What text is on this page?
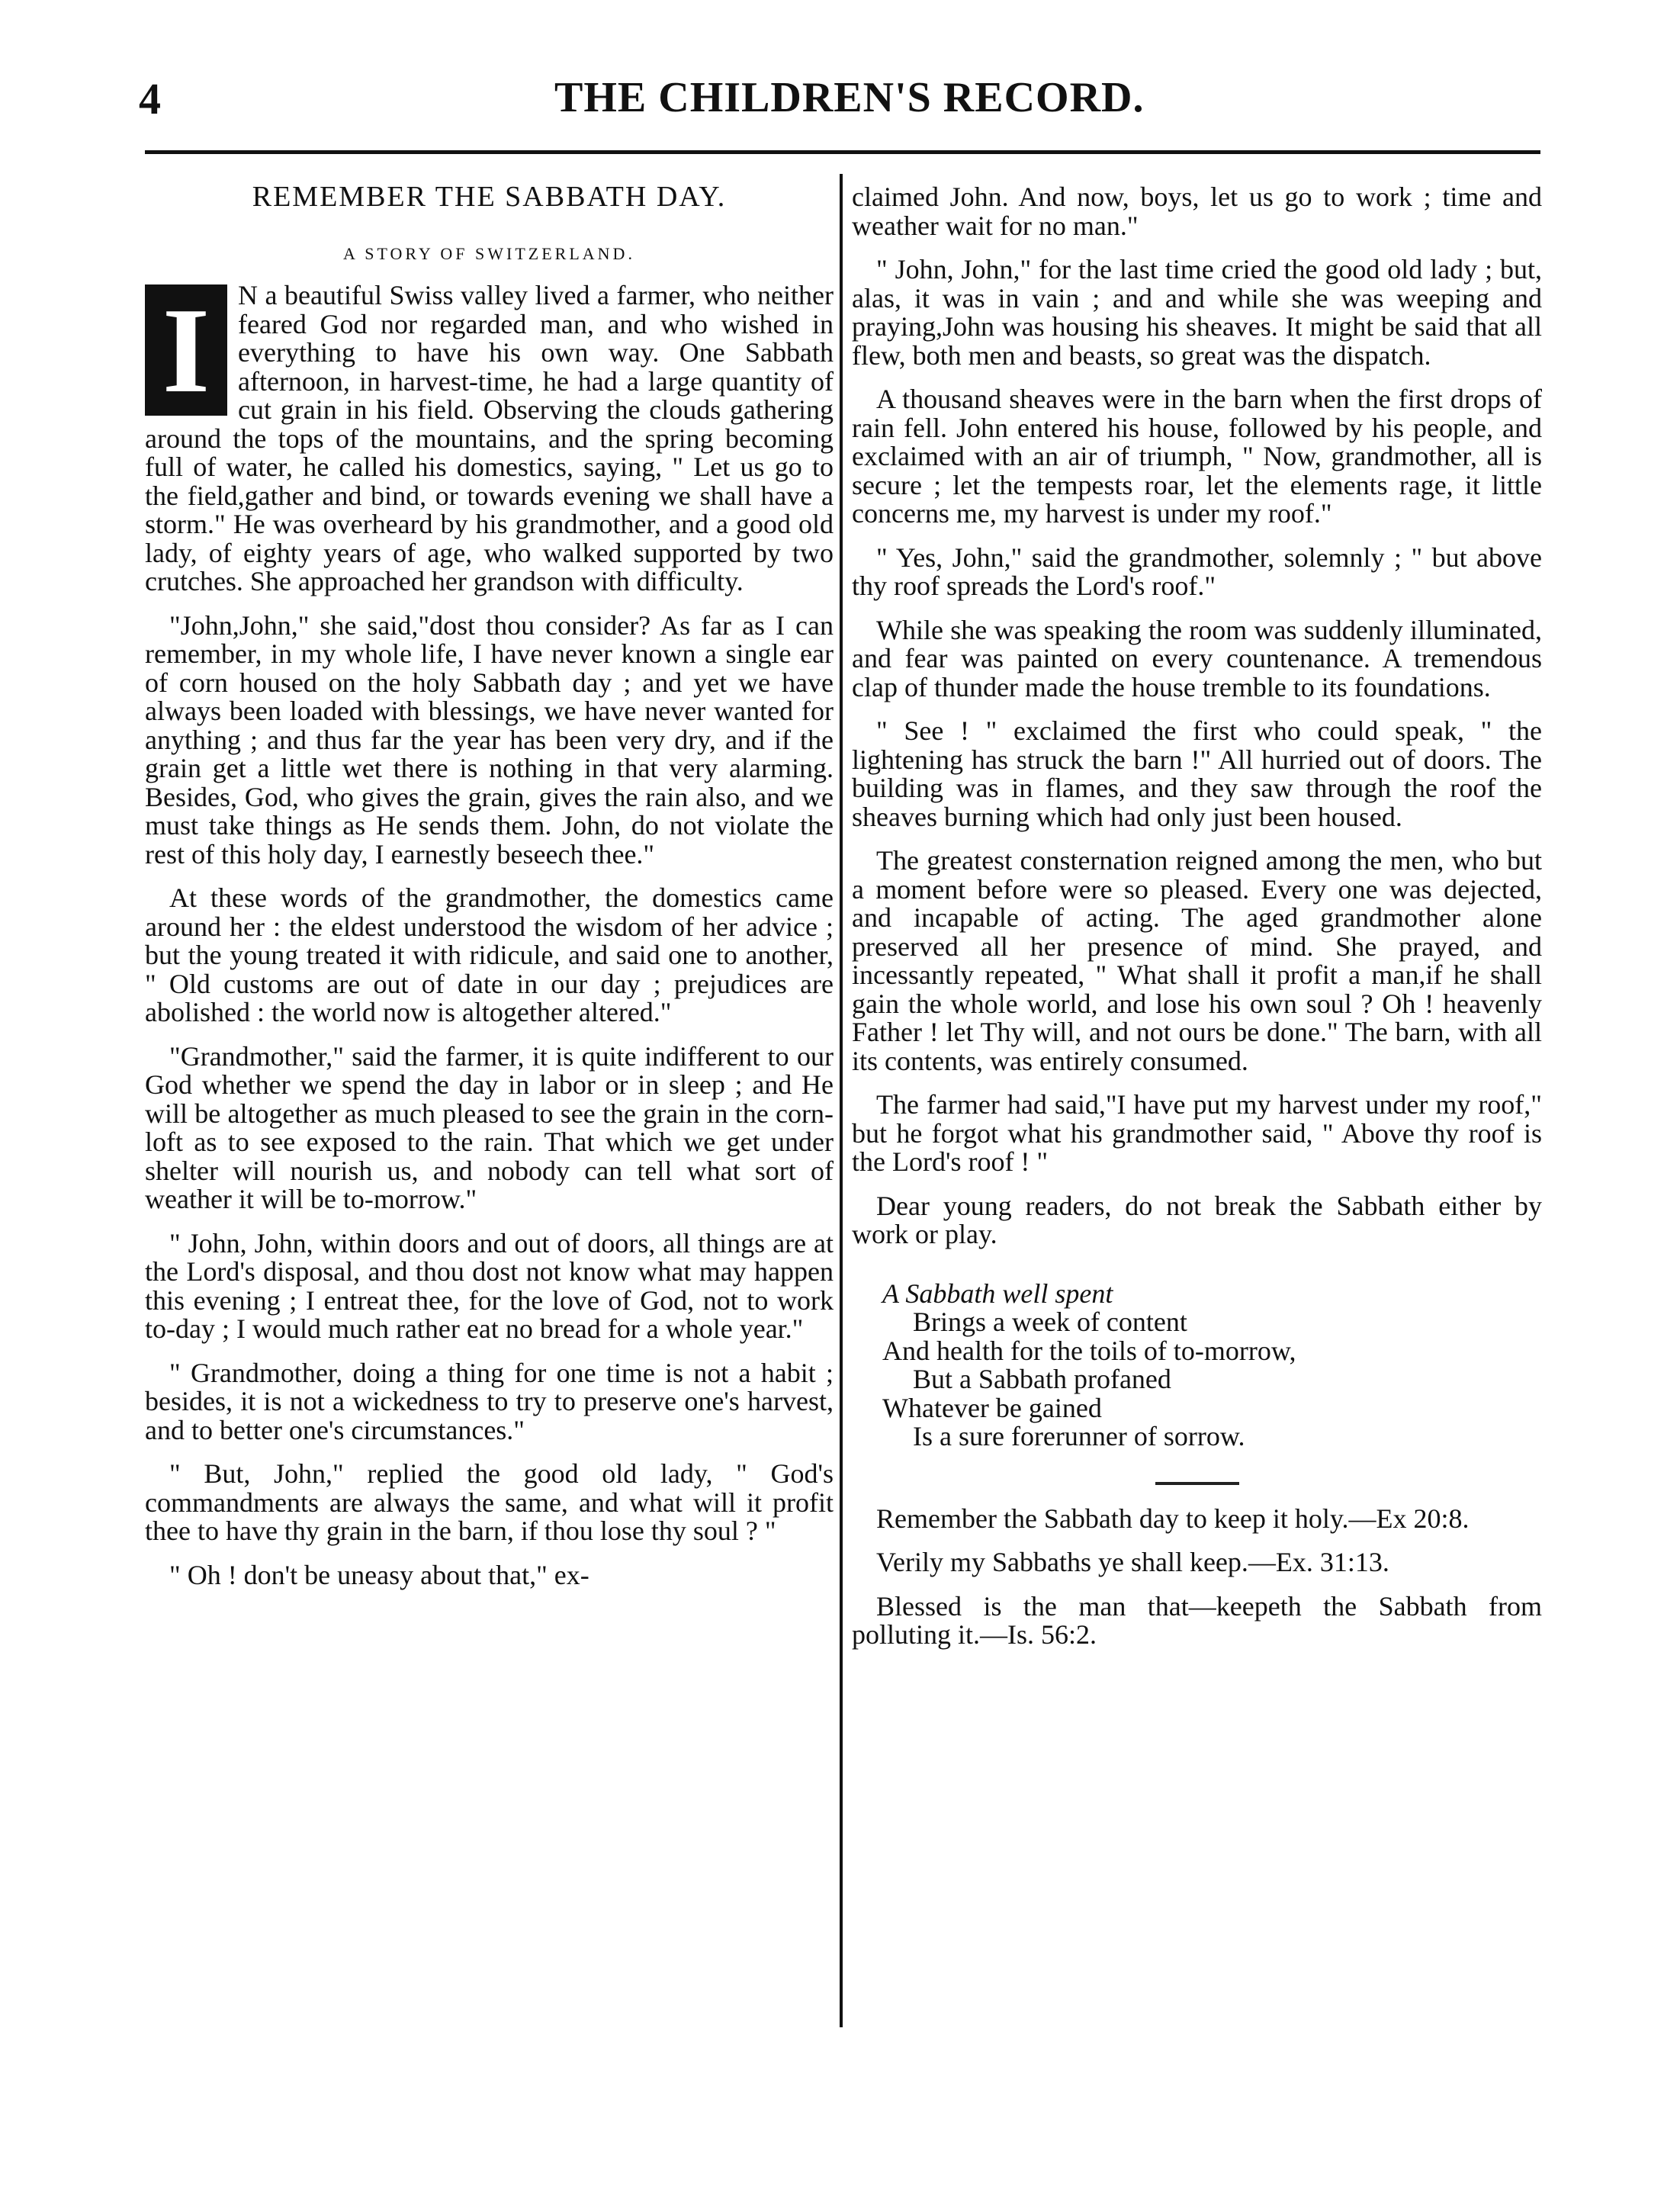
4	THE CHILDREN'S RECORD.
REMEMBER THE SABBATH DAY.
A STORY OF SWITZERLAND.

I	N a beautiful Swiss valley lived a farmer, who neither feared God nor regarded man, and who wished in everything to have his own way. One Sabbath afternoon, in harvest-time, he had a large quantity of cut grain in his field. Observing the clouds gathering around the tops of the mountains, and the spring becoming full of water, he called his domestics, saying, " Let us go to the field,gather and bind, or towards evening we shall have a storm." He was overheard by his grandmother, and a good old lady, of eighty years of age, who walked supported by two crutches. She approached her grandson with difficulty.

"John,John," she said,"dost thou consider? As far as I can remember, in my whole life, I have never known a single ear of corn housed on the holy Sabbath day ; and yet we have always been loaded with blessings, we have never wanted for anything ; and thus far the year has been very dry, and if the grain get a little wet there is nothing in that very alarming. Besides, God, who gives the grain, gives the rain also, and we must take things as He sends them. John, do not violate the rest of this holy day, I earnestly beseech thee."

At these words of the grandmother, the domestics came around her : the eldest understood the wisdom of her advice ; but the young treated it with ridicule, and said one to another, " Old customs are out of date in our day ; prejudices are abolished : the world now is altogether altered."

"Grandmother," said the farmer, it is quite indifferent to our God whether we spend the day in labor or in sleep ; and He will be altogether as much pleased to see the grain in the corn-loft as to see exposed to the rain. That which we get under shelter will nourish us, and nobody can tell what sort of weather it will be to-morrow."

" John, John, within doors and out of doors, all things are at the Lord's disposal, and thou dost not know what may happen this evening ; I entreat thee, for the love of God, not to work to-day ; I would much rather eat no bread for a whole year."

" Grandmother, doing a thing for one time is not a habit ; besides, it is not a wickedness to try to preserve one's harvest, and to better one's circumstances."

" But, John," replied the good old lady, " God's commandments are always the same, and what will it profit thee to have thy grain in the barn, if thou lose thy soul ? "

" Oh ! don't be uneasy about that," ex-

claimed John. And now, boys, let us go to work ; time and weather wait for no man."

" John, John," for the last time cried the good old lady ; but, alas, it was in vain ; and and while she was weeping and praying,John was housing his sheaves. It might be said that all flew, both men and beasts, so great was the dispatch.

A thousand sheaves were in the barn when the first drops of rain fell. John entered his house, followed by his people, and exclaimed with an air of triumph, " Now, grandmother, all is secure ; let the tempests roar, let the elements rage, it little concerns me, my harvest is under my roof."

" Yes, John," said the grandmother, solemnly ; " but above thy roof spreads the Lord's roof."

While she was speaking the room was suddenly illuminated, and fear was painted on every countenance. A tremendous clap of thunder made the house tremble to its foundations.

" See ! " exclaimed the first who could speak, " the lightening has struck the barn !" All hurried out of doors. The building was in flames, and they saw through the roof the sheaves burning which had only just been housed.

The greatest consternation reigned among the men, who but a moment before were so pleased. Every one was dejected, and incapable of acting. The aged grandmother alone preserved all her presence of mind. She prayed, and incessantly repeated, " What shall it profit a man,if he shall gain the whole world, and lose his own soul ? Oh ! heavenly Father ! let Thy will, and not ours be done." The barn, with all its contents, was entirely consumed.

The farmer had said,"I have put my harvest under my roof," but he forgot what his grandmother said, " Above thy roof is the Lord's roof ! "

Dear young readers, do not break the Sabbath either by work or play.

A Sabbath well spent
Brings a week of content
And health for the toils of to-morrow,
But a Sabbath profaned
Whatever be gained
Is a sure forerunner of sorrow.

Remember the Sabbath day to keep it holy.—Ex 20:8.

Verily my Sabbaths ye shall keep.—Ex. 31:13.

Blessed is the man that—keepeth the Sabbath from polluting it.—Is. 56:2.
